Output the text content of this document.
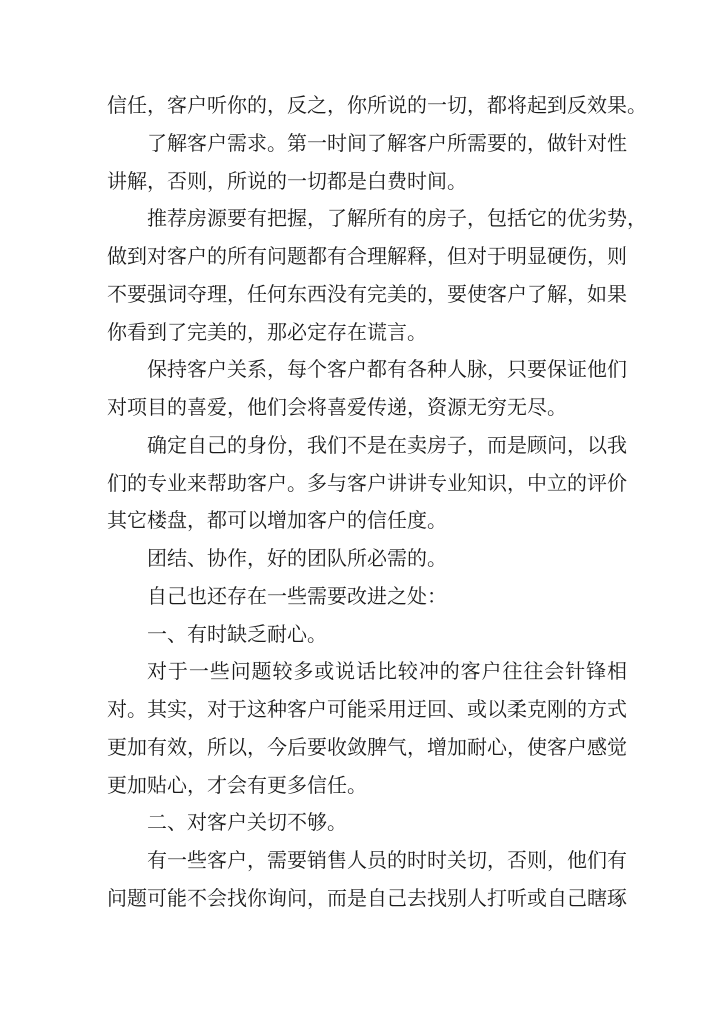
信任，客户听你的，反之，你所说的一切，都将起到反效果。
了解客户需求。第一时间了解客户所需要的，做针对性
讲解，否则，所说的一切都是白费时间。
推荐房源要有把握，了解所有的房子，包括它的优劣势，
做到对客户的所有问题都有合理解释，但对于明显硬伤，则
不要强词夺理，任何东西没有完美的，要使客户了解，如果
你看到了完美的，那必定存在谎言。
保持客户关系，每个客户都有各种人脉，只要保证他们
对项目的喜爱，他们会将喜爱传递，资源无穷无尽。
确定自己的身份，我们不是在卖房子，而是顾问，以我
们的专业来帮助客户。多与客户讲讲专业知识，中立的评价
其它楼盘，都可以增加客户的信任度。
团结、协作，好的团队所必需的。
自己也还存在一些需要改进之处：
一、有时缺乏耐心。
对于一些问题较多或说话比较冲的客户往往会针锋相
对。其实，对于这种客户可能采用迂回、或以柔克刚的方式
更加有效，所以，今后要收敛脾气，增加耐心，使客户感觉
更加贴心，才会有更多信任。
二、对客户关切不够。
有一些客户，需要销售人员的时时关切，否则，他们有
问题可能不会找你询问，而是自己去找别人打听或自己瞎琢
